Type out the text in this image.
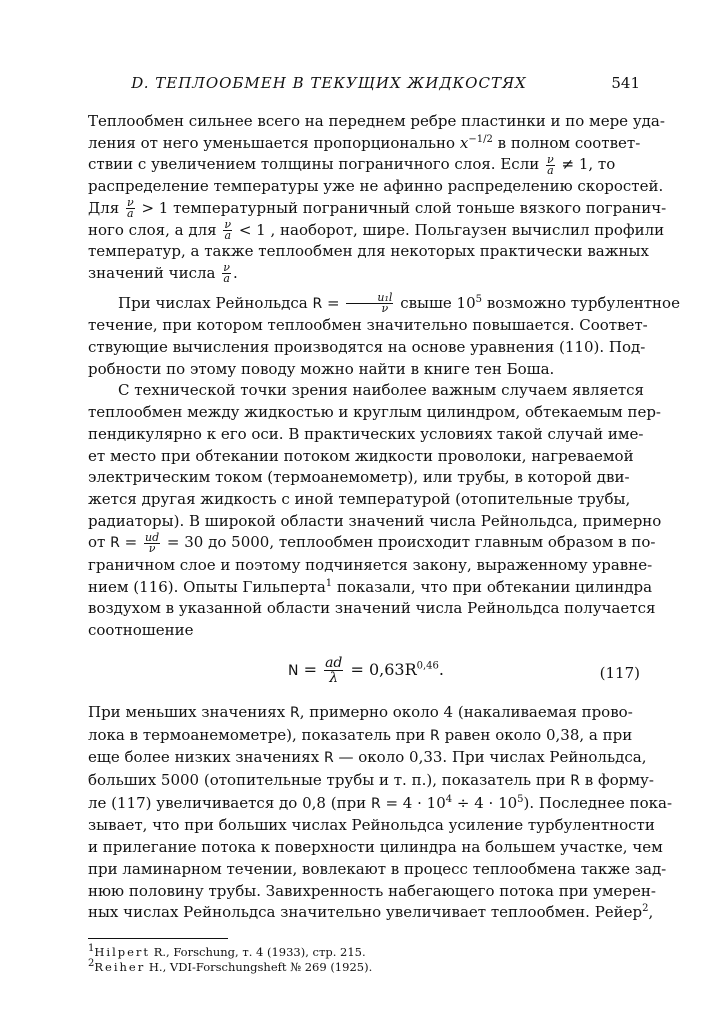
D. ТЕПЛООБМЕН В ТЕКУЩИХ ЖИДКОСТЯХ	541
Теплообмен сильнее всего на переднем ребре пластинки и по мере уда-
ления от него уменьшается пропорционально $x^{-1/2}$ в полном соответ-
ствии с увеличением толщины пограничного слоя. Если $\frac{\nu}{a} \ne 1$, то
распределение температуры уже не афинно распределению скоростей.
Для $\frac{\nu}{a} > 1$ температурный пограничный слой тоньше вязкого погранич-
ного слоя, а для $\frac{\nu}{a} < 1$ , наоборот, шире. Польгаузен вычислил профили
температур, а также теплообмен для некоторых практически важных
значений числа $\frac{\nu}{a}$ .
При числах Рейнольдса $R = \frac{\text{u₁l}}{\nu}$ свыше $10^5$ возможно турбулентное
течение, при котором теплообмен значительно повышается. Соответ-
ствующие вычисления производятся на основе уравнения (110). Под-
робности по этому поводу можно найти в книге тен Боша.
С технической точки зрения наиболее важным случаем является
теплообмен между жидкостью и круглым цилиндром, обтекаемым пер-
пендикулярно к его оси. В практических условиях такой случай име-
ет место при обтекании потоком жидкости проволоки, нагреваемой
электрическим током (термоанемометр), или трубы, в которой дви-
жется другая жидкость с иной температурой (отопительные трубы,
радиаторы). В широкой области значений числа Рейнольдса, примерно
от $R = \frac{ud}{\nu} = 30$ до 5000, теплообмен происходит главным образом в по-
граничном слое и поэтому подчиняется закону, выраженному уравне-
нием (116). Опыты Гильперта$^1$ показали, что при обтекании цилиндра
воздухом в указанной области значений числа Рейнольдса получается
соотношение
$N = \frac{ad}{\lambda} = 0,63R^{0,46}$.	(117)
При меньших значениях R, примерно около 4 (накаливаемая прово-
лока в термоанемометре), показатель при R равен около 0,38, а при
еще более низких значениях R — около 0,33. При числах Рейнольдса,
больших 5000 (отопительные трубы и т. п.), показатель при R в форму-
ле (117) увеличивается до 0,8 (при $R = 4 \cdot 10^4 \div 4 \cdot 10^5$). Последнее пока-
зывает, что при больших числах Рейнольдса усиление турбулентности
и прилегание потока к поверхности цилиндра на большем участке, чем
при ламинарном течении, вовлекают в процесс теплообмена также зад-
нюю половину трубы. Завихренность набегающего потока при умерен-
ных числах Рейнольдса значительно увеличивает теплообмен. Рейер$^2$,

$^1$Hilpert R., Forschung, т. 4 (1933), стр. 215.

$^2$Reiher H., VDI-Forschungsheft № 269 (1925).
